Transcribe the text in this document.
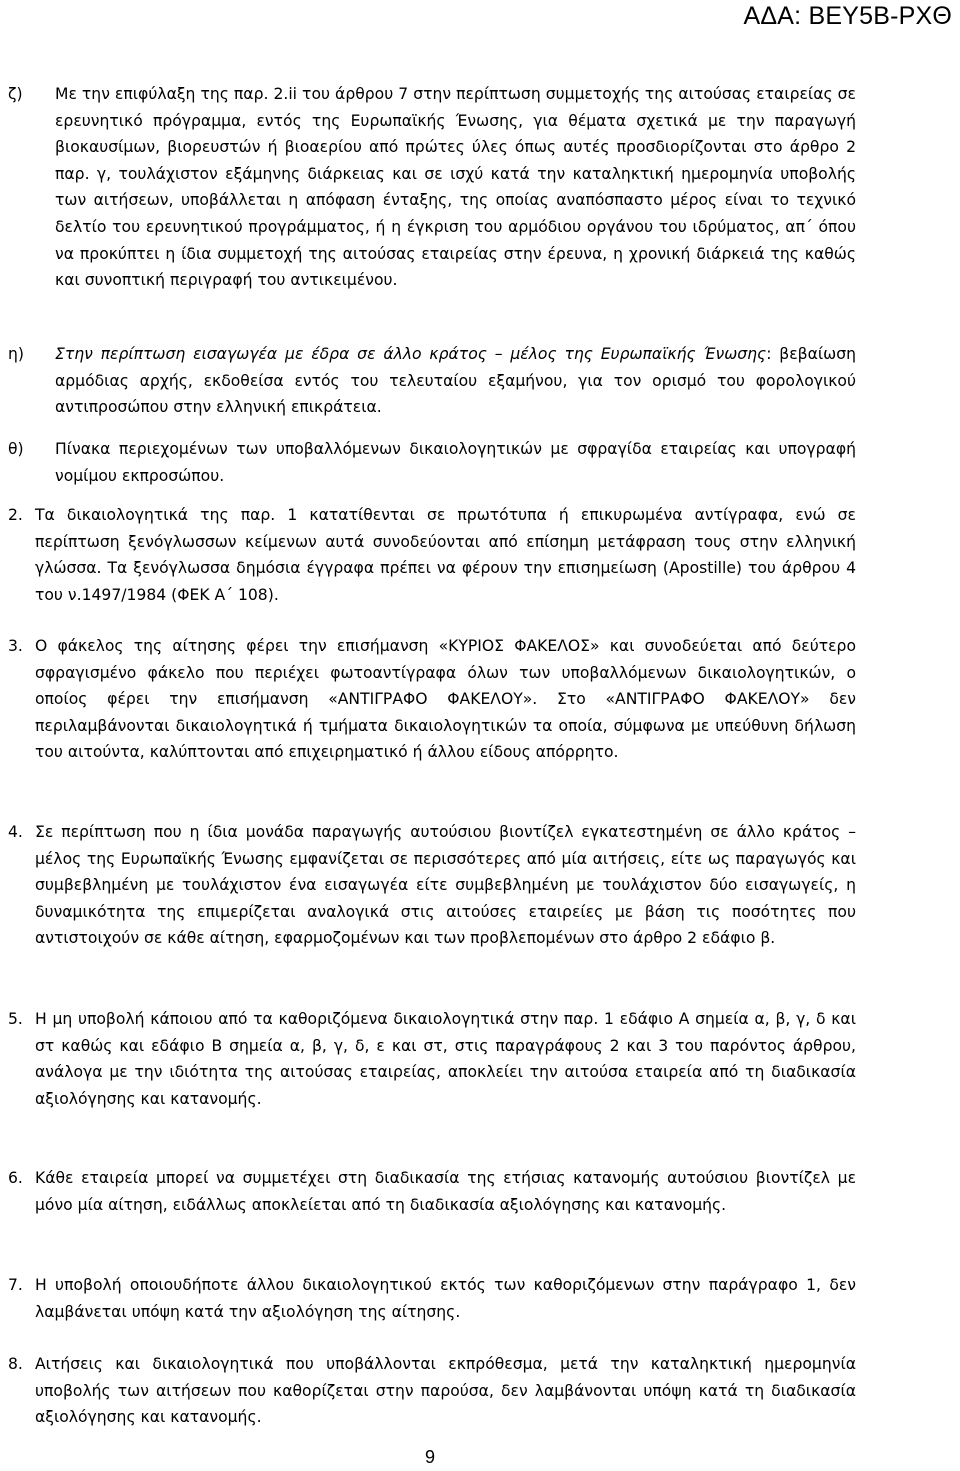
ΑΔΑ: ΒΕΥ5Β-ΡΧΘ
ζ) Με την επιφύλαξη της παρ. 2.ii του άρθρου 7 στην περίπτωση συμμετοχής της αιτούσας εταιρείας σε ερευνητικό πρόγραμμα, εντός της Ευρωπαϊκής Ένωσης, για θέματα σχετικά με την παραγωγή βιοκαυσίμων, βιορευστών ή βιοαερίου από πρώτες ύλες όπως αυτές προσδιορίζονται στο άρθρο 2 παρ. γ, τουλάχιστον εξάμηνης διάρκειας και σε ισχύ κατά την καταληκτική ημερομηνία υποβολής των αιτήσεων, υποβάλλεται η απόφαση ένταξης, της οποίας αναπόσπαστο μέρος είναι το τεχνικό δελτίο του ερευνητικού προγράμματος, ή η έγκριση του αρμόδιου οργάνου του ιδρύματος, απ΄ όπου να προκύπτει η ίδια συμμετοχή της αιτούσας εταιρείας στην έρευνα, η χρονική διάρκειά της καθώς και συνοπτική περιγραφή του αντικειμένου.
η) Στην περίπτωση εισαγωγέα με έδρα σε άλλο κράτος – μέλος της Ευρωπαϊκής Ένωσης: βεβαίωση αρμόδιας αρχής, εκδοθείσα εντός του τελευταίου εξαμήνου, για τον ορισμό του φορολογικού αντιπροσώπου στην ελληνική επικράτεια.
θ) Πίνακα περιεχομένων των υποβαλλόμενων δικαιολογητικών με σφραγίδα εταιρείας και υπογραφή νομίμου εκπροσώπου.
2. Τα δικαιολογητικά της παρ. 1 κατατίθενται σε πρωτότυπα ή επικυρωμένα αντίγραφα, ενώ σε περίπτωση ξενόγλωσσων κείμενων αυτά συνοδεύονται από επίσημη μετάφραση τους στην ελληνική γλώσσα. Τα ξενόγλωσσα δημόσια έγγραφα πρέπει να φέρουν την επισημείωση (Apostille) του άρθρου 4 του ν.1497/1984 (ΦΕΚ Α΄ 108).
3. Ο φάκελος της αίτησης φέρει την επισήμανση «ΚΥΡΙΟΣ ΦΑΚΕΛΟΣ» και συνοδεύεται από δεύτερο σφραγισμένο φάκελο που περιέχει φωτοαντίγραφα όλων των υποβαλλόμενων δικαιολογητικών, ο οποίος φέρει την επισήμανση «ΑΝΤΙΓΡΑΦΟ ΦΑΚΕΛΟΥ». Στο «ΑΝΤΙΓΡΑΦΟ ΦΑΚΕΛΟΥ» δεν περιλαμβάνονται δικαιολογητικά ή τμήματα δικαιολογητικών τα οποία, σύμφωνα με υπεύθυνη δήλωση του αιτούντα, καλύπτονται από επιχειρηματικό ή άλλου είδους απόρρητο.
4. Σε περίπτωση που η ίδια μονάδα παραγωγής αυτούσιου βιοντίζελ εγκατεστημένη σε άλλο κράτος – μέλος της Ευρωπαϊκής Ένωσης εμφανίζεται σε περισσότερες από μία αιτήσεις, είτε ως παραγωγός και συμβεβλημένη με τουλάχιστον ένα εισαγωγέα είτε συμβεβλημένη με τουλάχιστον δύο εισαγωγείς, η δυναμικότητα της επιμερίζεται αναλογικά στις αιτούσες εταιρείες με βάση τις ποσότητες που αντιστοιχούν σε κάθε αίτηση, εφαρμοζομένων και των προβλεπομένων στο άρθρο 2 εδάφιο β.
5. Η μη υποβολή κάποιου από τα καθοριζόμενα δικαιολογητικά στην παρ. 1 εδάφιο Α σημεία α, β, γ, δ και στ καθώς και εδάφιο Β σημεία α, β, γ, δ, ε και στ, στις παραγράφους 2 και 3 του παρόντος άρθρου, ανάλογα με την ιδιότητα της αιτούσας εταιρείας, αποκλείει την αιτούσα εταιρεία από τη διαδικασία αξιολόγησης και κατανομής.
6. Κάθε εταιρεία μπορεί να συμμετέχει στη διαδικασία της ετήσιας κατανομής αυτούσιου βιοντίζελ με μόνο μία αίτηση, ειδάλλως αποκλείεται από τη διαδικασία αξιολόγησης και κατανομής.
7. Η υποβολή οποιουδήποτε άλλου δικαιολογητικού εκτός των καθοριζόμενων στην παράγραφο 1, δεν λαμβάνεται υπόψη κατά την αξιολόγηση της αίτησης.
8. Αιτήσεις και δικαιολογητικά που υποβάλλονται εκπρόθεσμα, μετά την καταληκτική ημερομηνία υποβολής των αιτήσεων που καθορίζεται στην παρούσα, δεν λαμβάνονται υπόψη κατά τη διαδικασία αξιολόγησης και κατανομής.
9
